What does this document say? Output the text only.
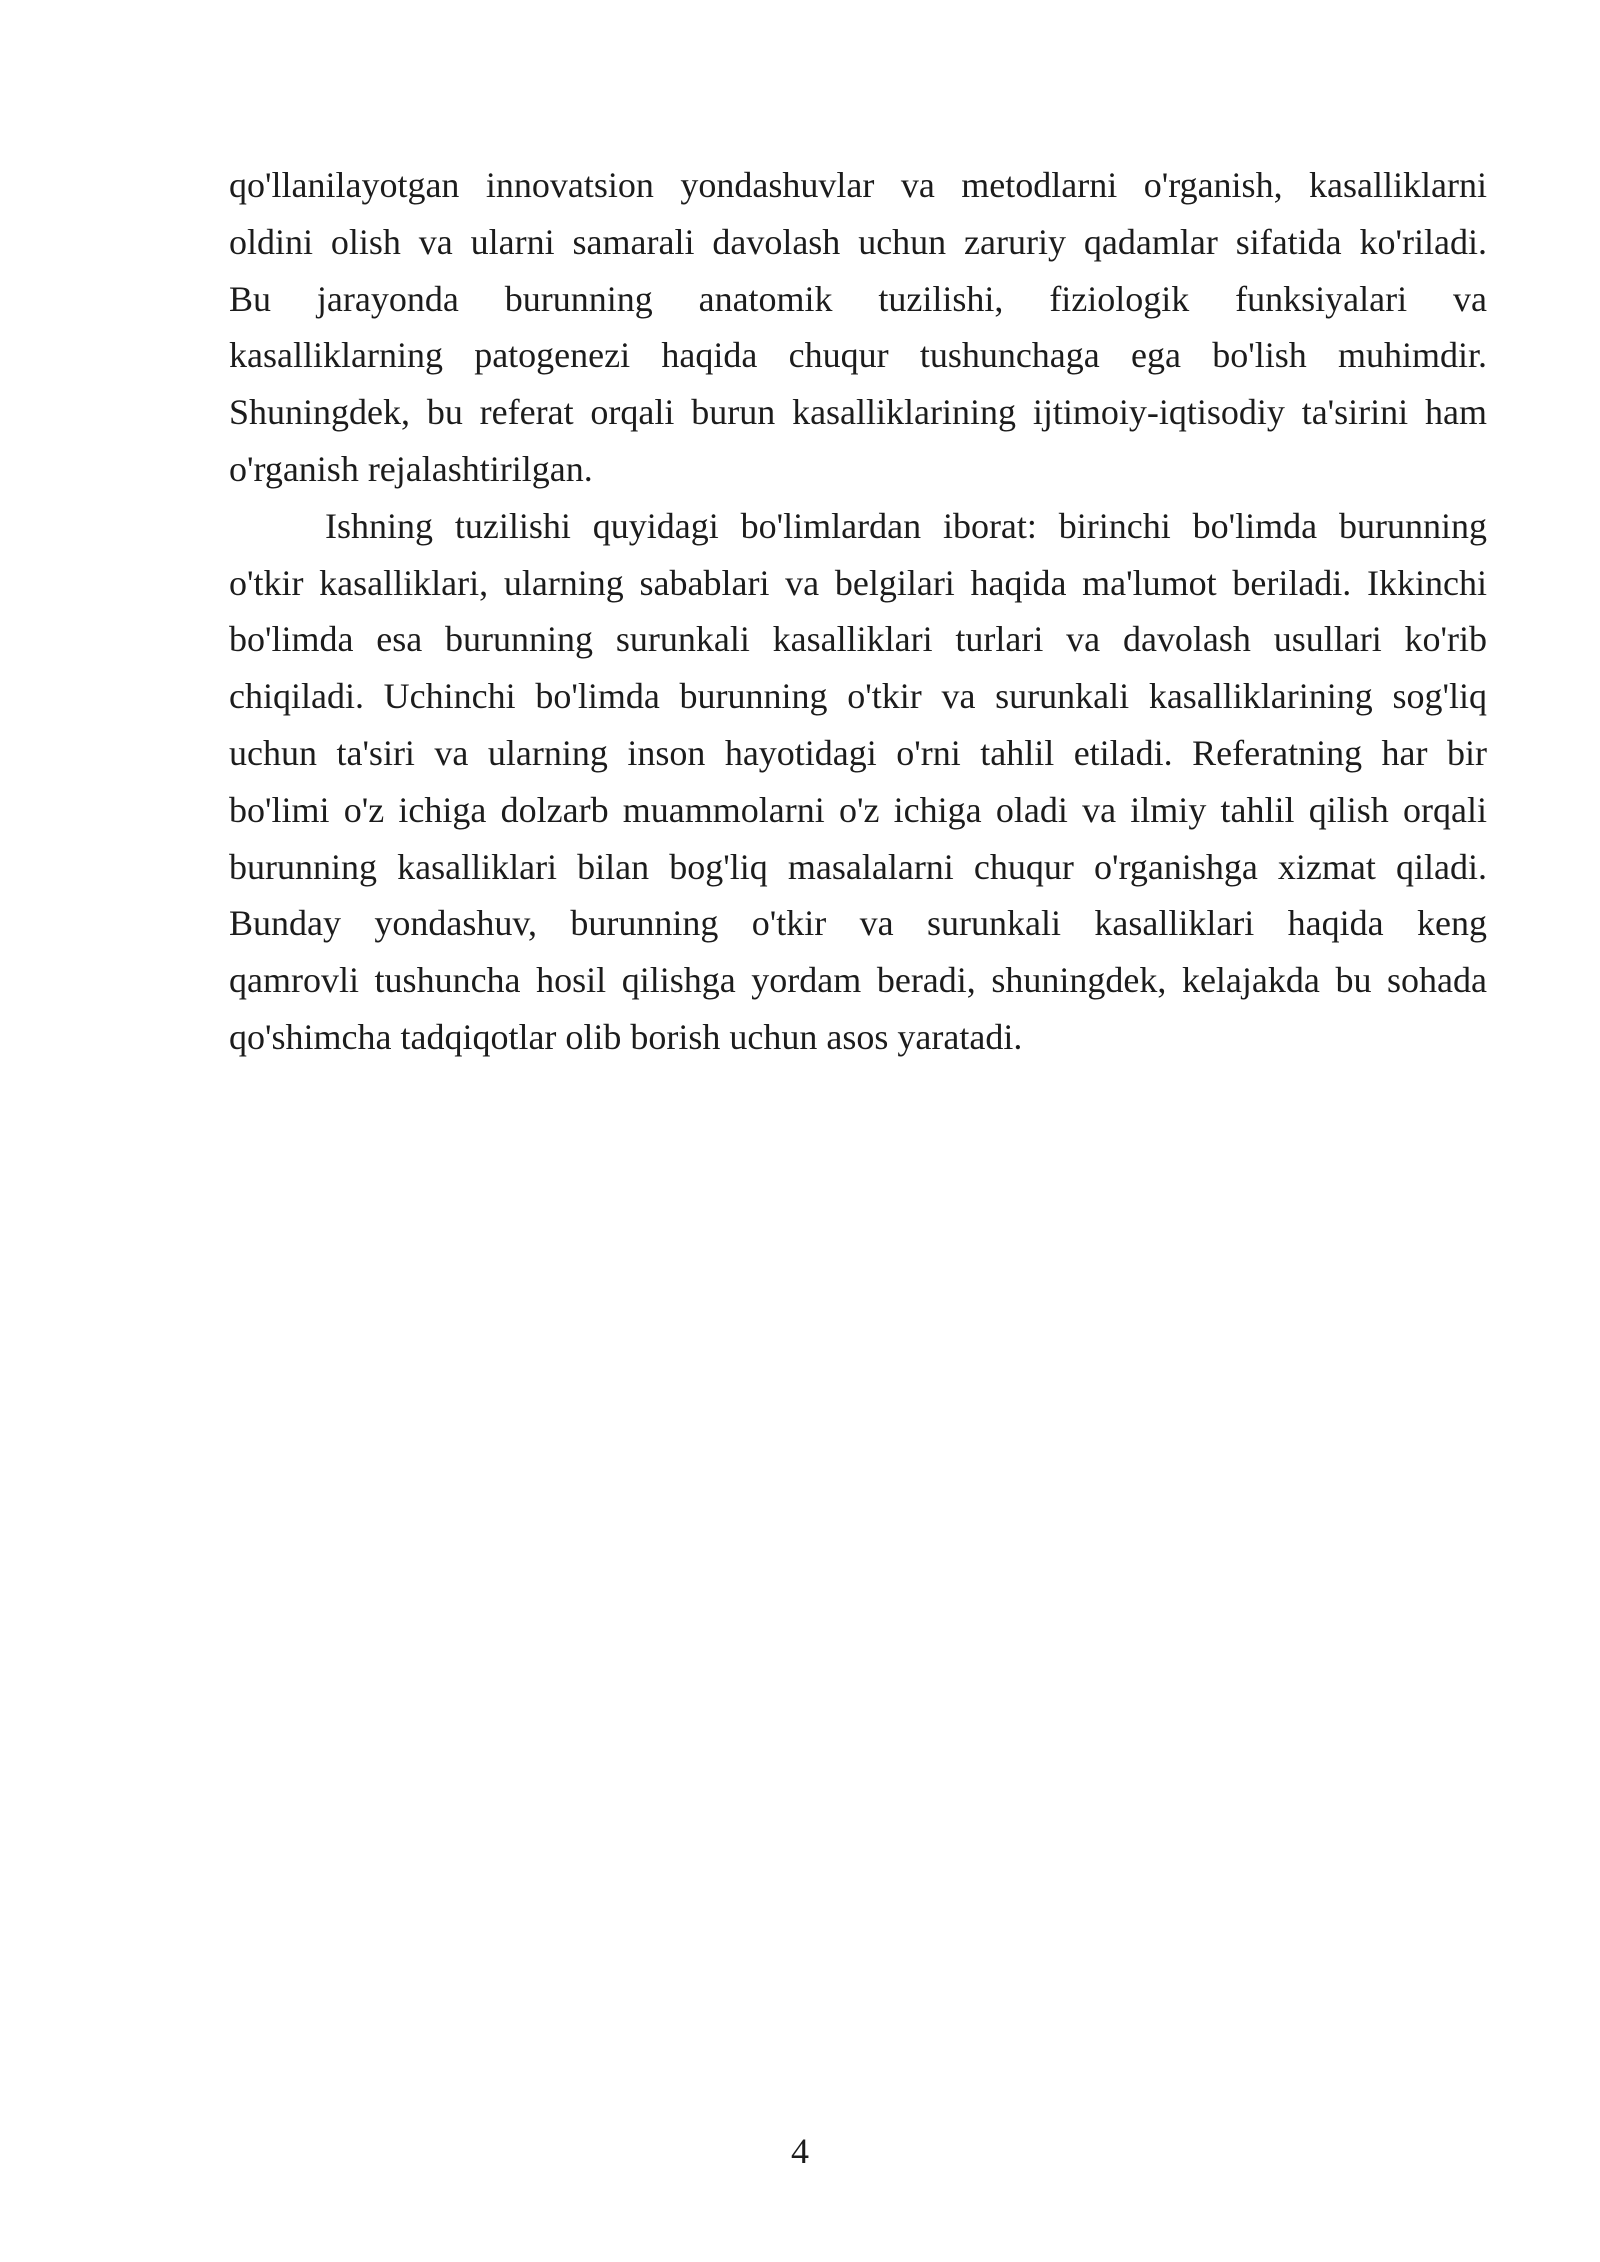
qo'llanilayotgan innovatsion yondashuvlar va metodlarni o'rganish, kasalliklarni
oldini olish va ularni samarali davolash uchun zaruriy qadamlar sifatida ko'riladi.
Bu jarayonda burunning anatomik tuzilishi, fiziologik funksiyalari va
kasalliklarning patogenezi haqida chuqur tushunchaga ega bo'lish muhimdir.
Shuningdek, bu referat orqali burun kasalliklarining ijtimoiy-iqtisodiy ta'sirini ham
o'rganish rejalashtirilgan.
Ishning tuzilishi quyidagi bo'limlardan iborat: birinchi bo'limda burunning
o'tkir kasalliklari, ularning sabablari va belgilari haqida ma'lumot beriladi. Ikkinchi
bo'limda esa burunning surunkali kasalliklari turlari va davolash usullari ko'rib
chiqiladi. Uchinchi bo'limda burunning o'tkir va surunkali kasalliklarining sog'liq
uchun ta'siri va ularning inson hayotidagi o'rni tahlil etiladi. Referatning har bir
bo'limi o'z ichiga dolzarb muammolarni o'z ichiga oladi va ilmiy tahlil qilish orqali
burunning kasalliklari bilan bog'liq masalalarni chuqur o'rganishga xizmat qiladi.
Bunday yondashuv, burunning o'tkir va surunkali kasalliklari haqida keng
qamrovli tushuncha hosil qilishga yordam beradi, shuningdek, kelajakda bu sohada
qo'shimcha tadqiqotlar olib borish uchun asos yaratadi.
4
